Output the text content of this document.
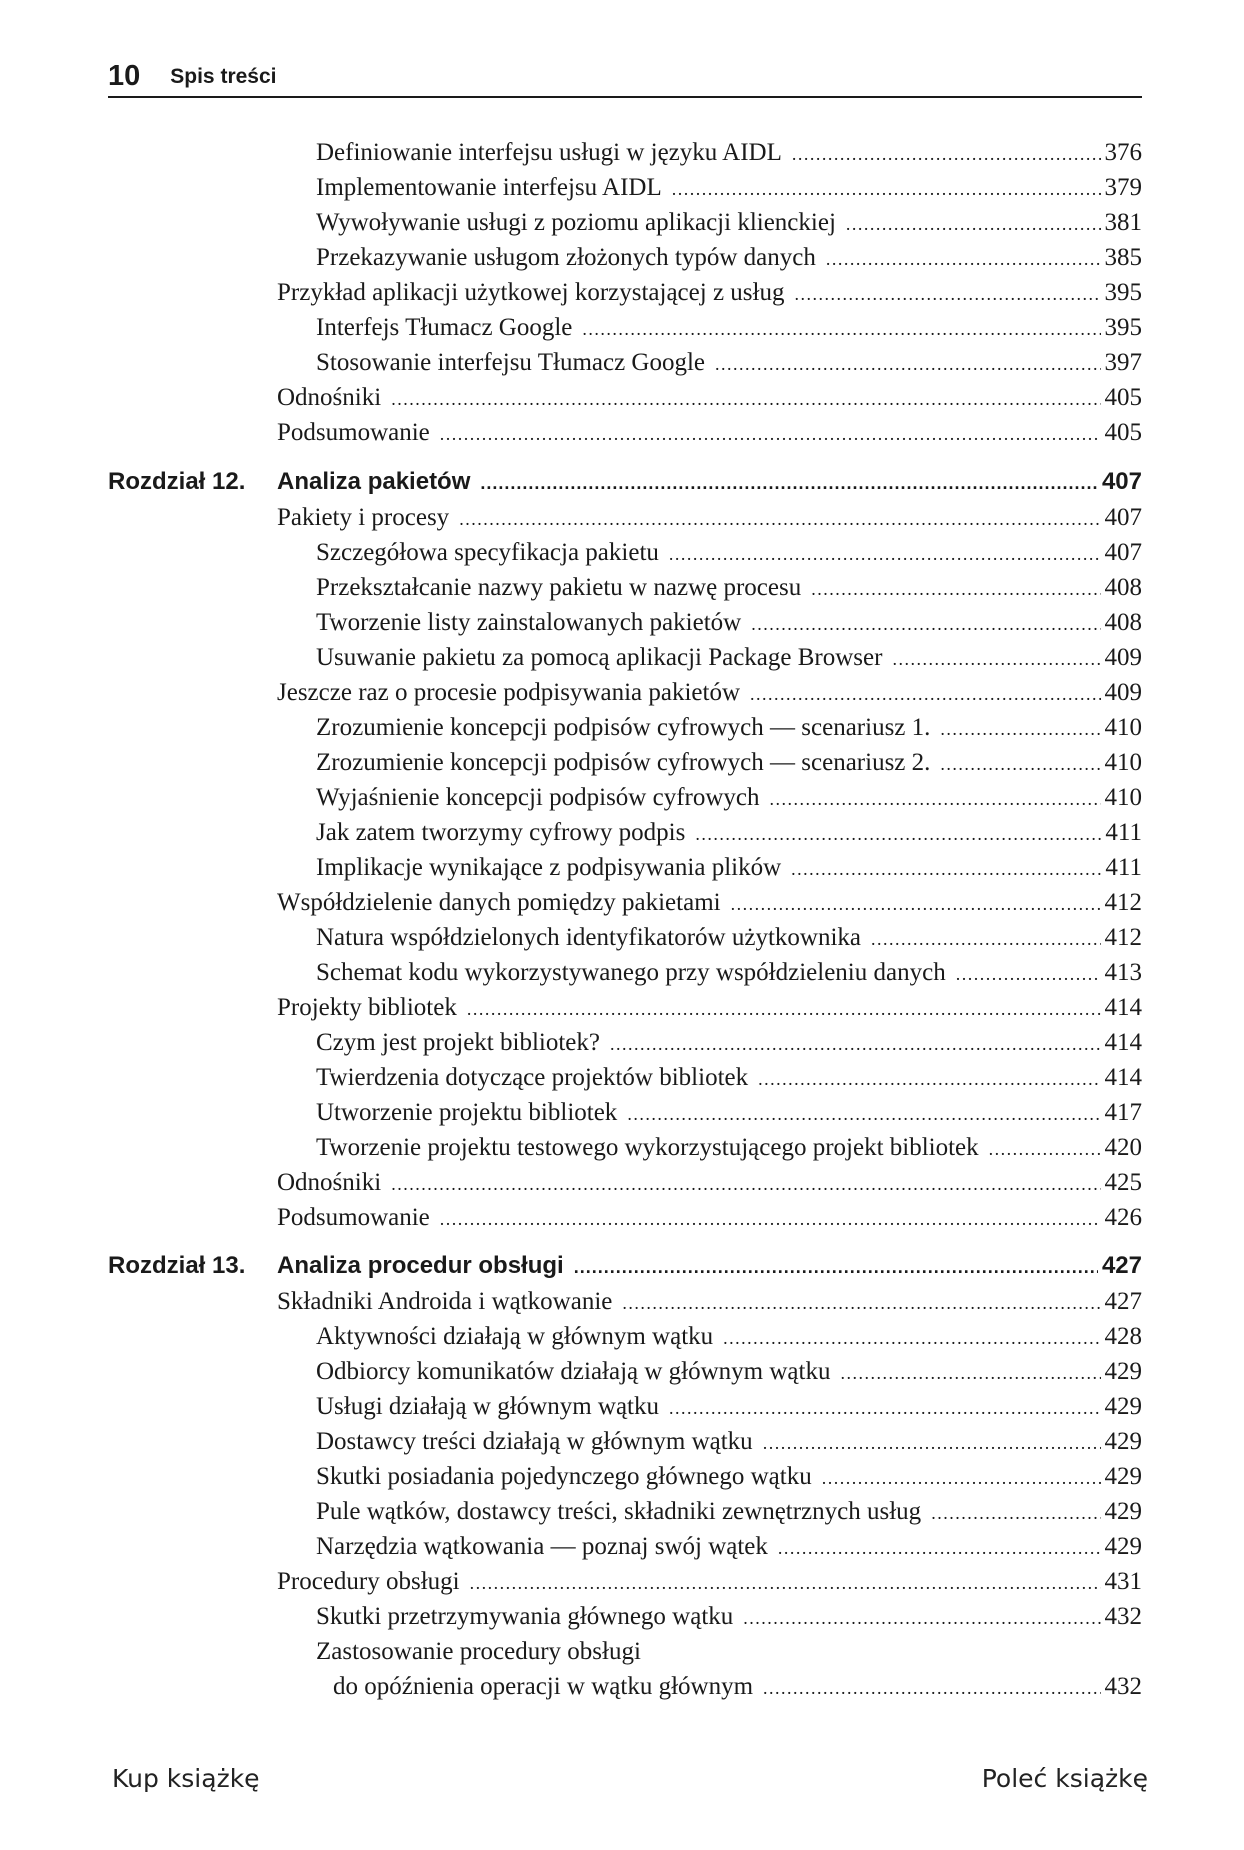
10 Spis treści
Definiowanie interfejsu usługi w języku AIDL .....	376
Implementowanie interfejsu AIDL .....	379
Wywoływanie usługi z poziomu aplikacji klienckiej .....	381
Przekazywanie usługom złożonych typów danych .....	385
Przykład aplikacji użytkowej korzystającej z usług .....	395
Interfejs Tłumacz Google .....	395
Stosowanie interfejsu Tłumacz Google .....	397
Odnośniki .....	405
Podsumowanie .....	405
Rozdział 12.	Analiza pakietów .....	407
Pakiety i procesy .....	407
Szczegółowa specyfikacja pakietu .....	407
Przekształcanie nazwy pakietu w nazwę procesu .....	408
Tworzenie listy zainstalowanych pakietów .....	408
Usuwanie pakietu za pomocą aplikacji Package Browser .....	409
Jeszcze raz o procesie podpisywania pakietów .....	409
Zrozumienie koncepcji podpisów cyfrowych — scenariusz 1. .....	410
Zrozumienie koncepcji podpisów cyfrowych — scenariusz 2. .....	410
Wyjaśnienie koncepcji podpisów cyfrowych .....	410
Jak zatem tworzymy cyfrowy podpis .....	411
Implikacje wynikające z podpisywania plików .....	411
Współdzielenie danych pomiędzy pakietami .....	412
Natura współdzielonych identyfikatorów użytkownika .....	412
Schemat kodu wykorzystywanego przy współdzieleniu danych .....	413
Projekty bibliotek .....	414
Czym jest projekt bibliotek? .....	414
Twierdzenia dotyczące projektów bibliotek .....	414
Utworzenie projektu bibliotek .....	417
Tworzenie projektu testowego wykorzystującego projekt bibliotek .....	420
Odnośniki .....	425
Podsumowanie .....	426
Rozdział 13.	Analiza procedur obsługi .....	427
Składniki Androida i wątkowanie .....	427
Aktywności działają w głównym wątku .....	428
Odbiorcy komunikatów działają w głównym wątku .....	429
Usługi działają w głównym wątku .....	429
Dostawcy treści działają w głównym wątku .....	429
Skutki posiadania pojedynczego głównego wątku .....	429
Pule wątków, dostawcy treści, składniki zewnętrznych usług .....	429
Narzędzia wątkowania — poznaj swój wątek .....	429
Procedury obsługi .....	431
Skutki przetrzymywania głównego wątku .....	432
Zastosowanie procedury obsługi
do opóźnienia operacji w wątku głównym .....	432
Kup książkę	Poleć książkę
